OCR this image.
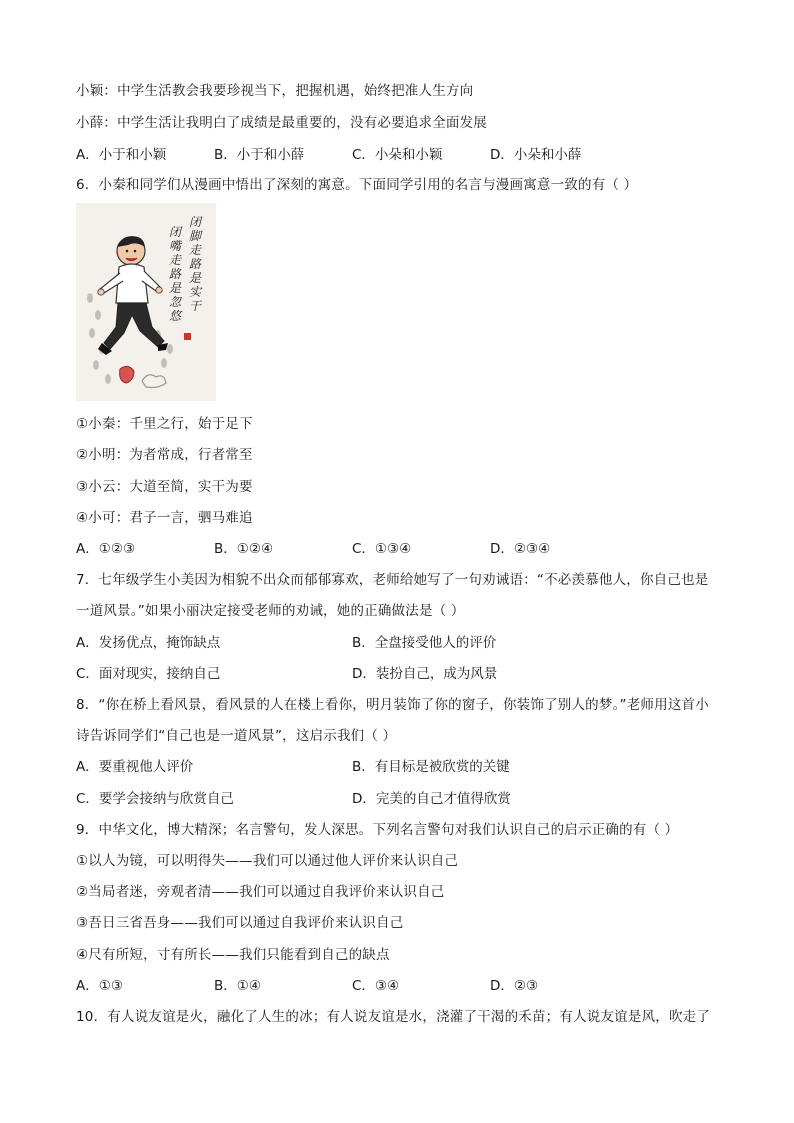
小颖：中学生活教会我要珍视当下，把握机遇，始终把准人生方向
小薛：中学生活让我明白了成绩是最重要的，没有必要追求全面发展
A．小于和小颖	B．小于和小薛	C．小朵和小颖	D．小朵和小薛
6．小秦和同学们从漫画中悟出了深刻的寓意。下面同学引用的名言与漫画寓意一致的有（ ）
闭脚走路是实干
闭嘴走路是忽悠
①小秦：千里之行，始于足下
②小明：为者常成，行者常至
③小云：大道至简，实干为要
④小可：君子一言，驷马难追
A．①②③	B．①②④	C．①③④	D．②③④
7．七年级学生小美因为相貌不出众而郁郁寡欢，老师给她写了一句劝诫语：“不必羡慕他人，你自己也是
一道风景。”如果小丽决定接受老师的劝诫，她的正确做法是（ ）
A．发扬优点，掩饰缺点	B．全盘接受他人的评价
C．面对现实，接纳自己	D．装扮自己，成为风景
8．“你在桥上看风景，看风景的人在楼上看你，明月装饰了你的窗子，你装饰了别人的梦。”老师用这首小
诗告诉同学们“自己也是一道风景”，这启示我们（ ）
A．要重视他人评价	B．有目标是被欣赏的关键
C．要学会接纳与欣赏自己	D．完美的自己才值得欣赏
9．中华文化，博大精深；名言警句，发人深思。下列名言警句对我们认识自己的启示正确的有（ ）
①以人为镜，可以明得失——我们可以通过他人评价来认识自己
②当局者迷，旁观者清——我们可以通过自我评价来认识自己
③吾日三省吾身——我们可以通过自我评价来认识自己
④尺有所短，寸有所长——我们只能看到自己的缺点
A．①③	B．①④	C．③④	D．②③
10．有人说友谊是火，融化了人生的冰；有人说友谊是水，浇灌了干渴的禾苗；有人说友谊是风，吹走了
